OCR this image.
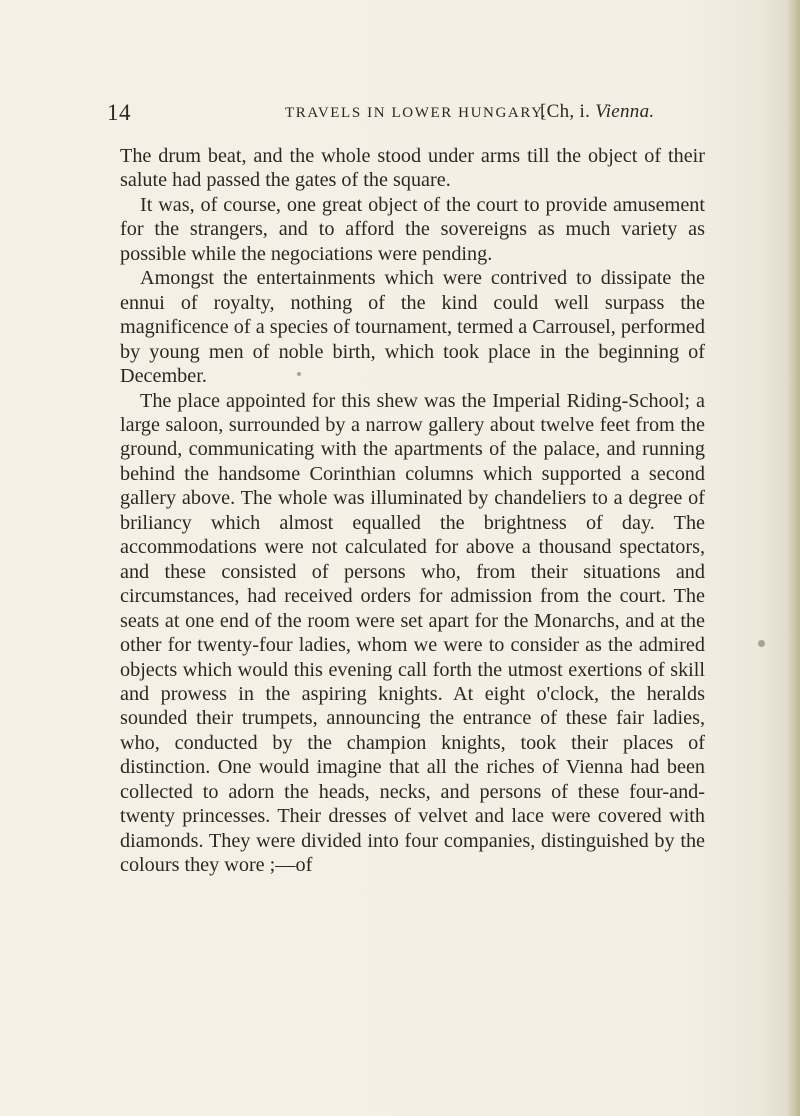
14	TRAVELS IN LOWER HUNGARY.
[Ch, i. Vienna.

The drum beat, and the whole stood under arms till the object of their salute had passed the gates of the square.

It was, of course, one great object of the court to provide amusement for the strangers, and to afford the sovereigns as much variety as possible while the negociations were pending.

Amongst the entertainments which were contrived to dissipate the ennui of royalty, nothing of the kind could well surpass the magnificence of a species of tournament, termed a Carrousel, performed by young men of noble birth, which took place in the beginning of December.

The place appointed for this shew was the Imperial Riding-School; a large saloon, surrounded by a narrow gallery about twelve feet from the ground, communicating with the apartments of the palace, and running behind the handsome Corinthian columns which supported a second gallery above. The whole was illuminated by chandeliers to a degree of briliancy which almost equalled the brightness of day. The accommodations were not calculated for above a thousand spectators, and these consisted of persons who, from their situations and circumstances, had received orders for admission from the court. The seats at one end of the room were set apart for the Monarchs, and at the other for twenty-four ladies, whom we were to consider as the admired objects which would this evening call forth the utmost exertions of skill and prowess in the aspiring knights. At eight o'clock, the heralds sounded their trumpets, announcing the entrance of these fair ladies, who, conducted by the champion knights, took their places of distinction. One would imagine that all the riches of Vienna had been collected to adorn the heads, necks, and persons of these four-and-twenty princesses. Their dresses of velvet and lace were covered with diamonds. They were divided into four companies, distinguished by the colours they wore ;—of
